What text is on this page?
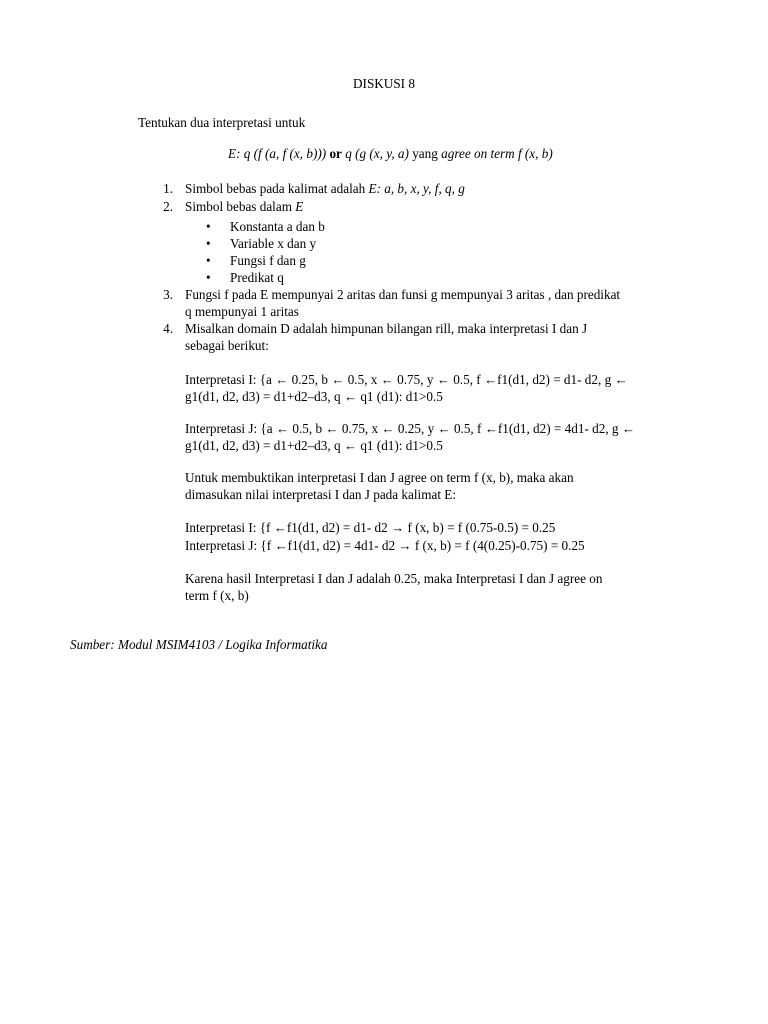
DISKUSI 8
Tentukan dua interpretasi untuk
E: q (f (a, f (x, b))) or q (g (x, y, a) yang agree on term f (x, b)
1. Simbol bebas pada kalimat adalah E: a, b, x, y, f, q, g
2. Simbol bebas dalam E
• Konstanta a dan b
• Variable x dan y
• Fungsi f dan g
• Predikat q
3. Fungsi f pada E mempunyai 2 aritas dan funsi g mempunyai 3 aritas , dan predikat
q mempunyai 1 aritas
4. Misalkan domain D adalah himpunan bilangan rill, maka interpretasi I dan J
sebagai berikut:
Interpretasi I: {a ← 0.25, b ← 0.5, x ← 0.75, y ← 0.5, f ←f1(d1, d2) = d1- d2, g ←
g1(d1, d2, d3) = d1+d2–d3, q ← q1 (d1): d1>0.5
Interpretasi J: {a ← 0.5, b ← 0.75, x ← 0.25, y ← 0.5, f ←f1(d1, d2) = 4d1- d2, g ←
g1(d1, d2, d3) = d1+d2–d3, q ← q1 (d1): d1>0.5
Untuk membuktikan interpretasi I dan J agree on term f (x, b), maka akan
dimasukan nilai interpretasi I dan J pada kalimat E:
Interpretasi I: {f ←f1(d1, d2) = d1- d2 → f (x, b) = f (0.75-0.5) = 0.25
Interpretasi J: {f ←f1(d1, d2) = 4d1- d2 → f (x, b) = f (4(0.25)-0.75) = 0.25
Karena hasil Interpretasi I dan J adalah 0.25, maka Interpretasi I dan J agree on
term f (x, b)
Sumber: Modul MSIM4103 / Logika Informatika
